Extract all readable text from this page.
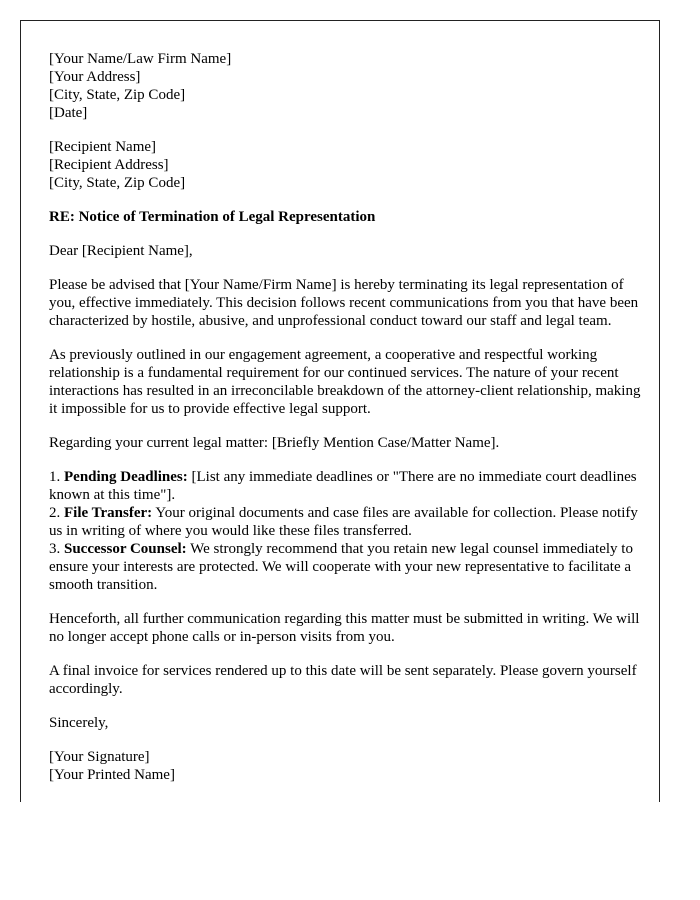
[Your Name/Law Firm Name]
[Your Address]
[City, State, Zip Code]
[Date]
[Recipient Name]
[Recipient Address]
[City, State, Zip Code]

RE: Notice of Termination of Legal Representation

Dear [Recipient Name],

Please be advised that [Your Name/Firm Name] is hereby terminating its legal representation of you, effective immediately. This decision follows recent communications from you that have been characterized by hostile, abusive, and unprofessional conduct toward our staff and legal team.

As previously outlined in our engagement agreement, a cooperative and respectful working relationship is a fundamental requirement for our continued services. The nature of your recent interactions has resulted in an irreconcilable breakdown of the attorney-client relationship, making it impossible for us to provide effective legal support.

Regarding your current legal matter: [Briefly Mention Case/Matter Name].

1. Pending Deadlines: [List any immediate deadlines or "There are no immediate court deadlines known at this time"].
2. File Transfer: Your original documents and case files are available for collection. Please notify us in writing of where you would like these files transferred.
3. Successor Counsel: We strongly recommend that you retain new legal counsel immediately to ensure your interests are protected. We will cooperate with your new representative to facilitate a smooth transition.

Henceforth, all further communication regarding this matter must be submitted in writing. We will no longer accept phone calls or in-person visits from you.

A final invoice for services rendered up to this date will be sent separately. Please govern yourself accordingly.

Sincerely,

[Your Signature]
[Your Printed Name]
